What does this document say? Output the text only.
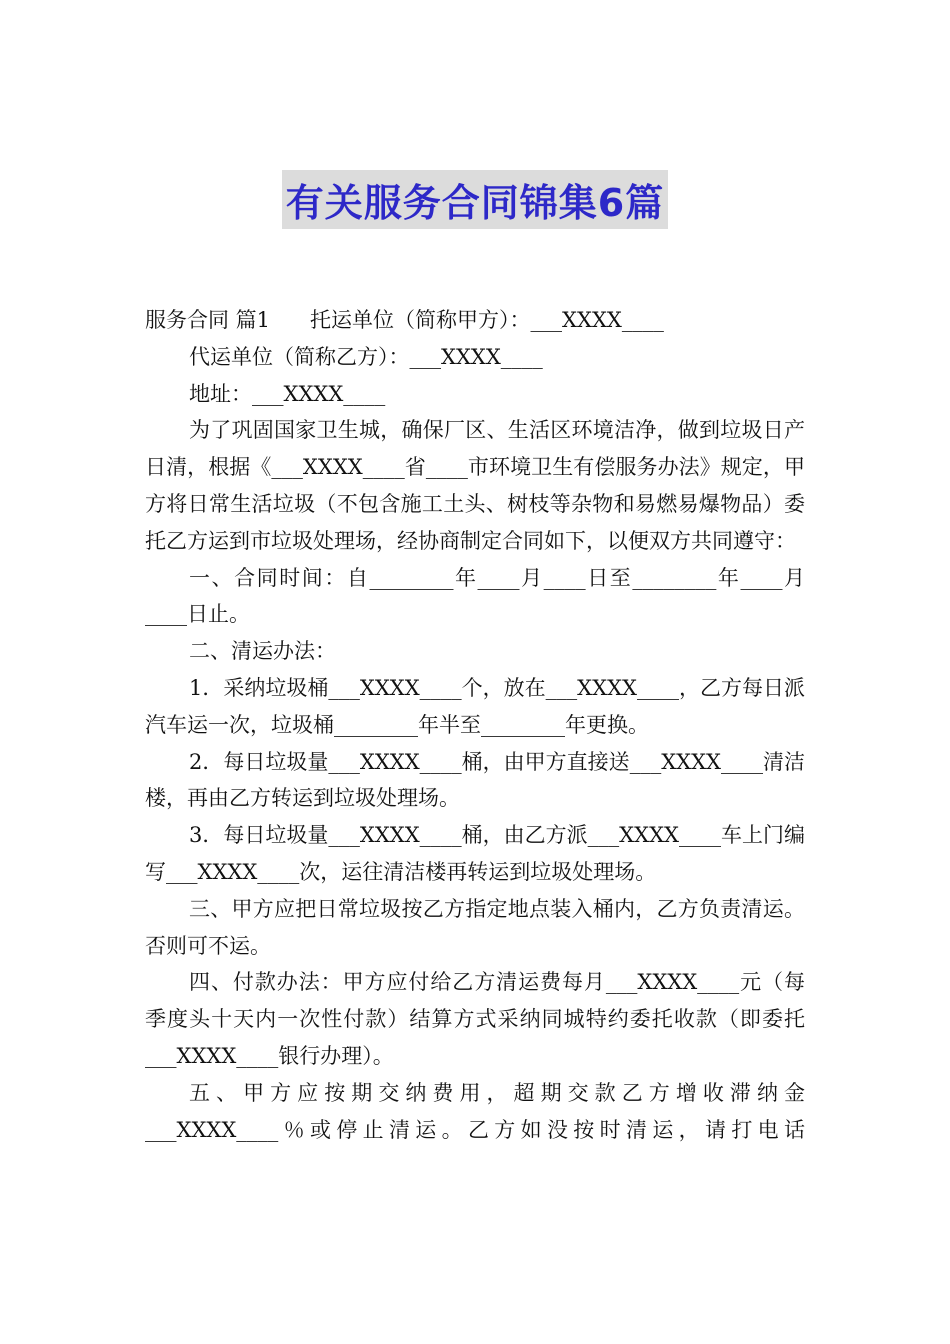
有关服务合同锦集6篇

服务合同 篇1 托运单位（简称甲方）：___XXXX____

代运单位（简称乙方）：___XXXX____

地址：___XXXX____

为了巩固国家卫生城，确保厂区、生活区环境洁净，做到垃圾日产日清，根据《___XXXX____省____市环境卫生有偿服务办法》规定，甲方将日常生活垃圾（不包含施工土头、树枝等杂物和易燃易爆物品）委托乙方运到市垃圾处理场，经协商制定合同如下，以便双方共同遵守：

一、合同时间：自________年____月____日至________年____月____日止。

二、清运办法：

1．采纳垃圾桶___XXXX____个，放在___XXXX____，乙方每日派汽车运一次，垃圾桶________年半至________年更换。

2．每日垃圾量___XXXX____桶，由甲方直接送___XXXX____清洁楼，再由乙方转运到垃圾处理场。

3．每日垃圾量___XXXX____桶，由乙方派___XXXX____车上门编写___XXXX____次，运往清洁楼再转运到垃圾处理场。

三、甲方应把日常垃圾按乙方指定地点装入桶内，乙方负责清运。否则可不运。

四、付款办法：甲方应付给乙方清运费每月___XXXX____元（每季度头十天内一次性付款）结算方式采纳同城特约委托收款（即委托___XXXX____银行办理）。

五、甲方应按期交纳费用，超期交款乙方增收滞纳金___XXXX____％或停止清运。乙方如没按时清运，请打电话
